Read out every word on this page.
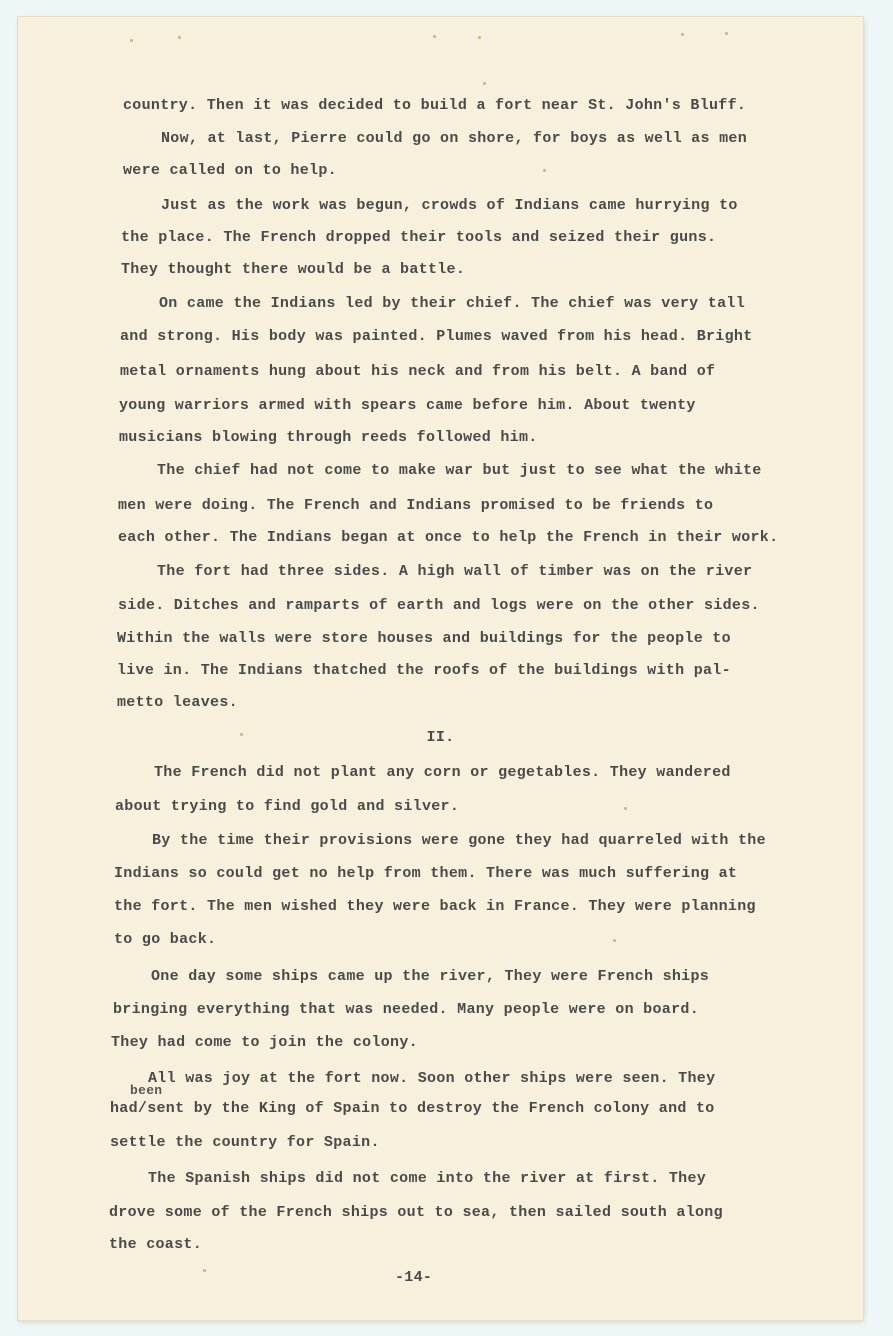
country. Then it was decided to build a fort near St. John's Bluff.
Now, at last, Pierre could go on shore, for boys as well as men
were called on to help.
Just as the work was begun, crowds of Indians came hurrying to
the place. The French dropped their tools and seized their guns.
They thought there would be a battle.
On came the Indians led by their chief. The chief was very tall
and strong. His body was painted. Plumes waved from his head. Bright
metal ornaments hung about his neck and from his belt. A band of
young warriors armed with spears came before him. About twenty
musicians blowing through reeds followed him.
The chief had not come to make war but just to see what the white
men were doing. The French and Indians promised to be friends to
each other. The Indians began at once to help the French in their work.
The fort had three sides. A high wall of timber was on the river
side. Ditches and ramparts of earth and logs were on the other sides.
Within the walls were store houses and buildings for the people to
live in. The Indians thatched the roofs of the buildings with pal-
metto leaves.
II.
The French did not plant any corn or gegetables. They wandered
about trying to find gold and silver.
By the time their provisions were gone they had quarreled with the
Indians so could get no help from them. There was much suffering at
the fort. The men wished they were back in France. They were planning
to go back.
One day some ships came up the river, They were French ships
bringing everything that was needed. Many people were on board.
They had come to join the colony.
All was joy at the fort now. Soon other ships were seen. They
been
had/sent by the King of Spain to destroy the French colony and to
settle the country for Spain.
The Spanish ships did not come into the river at first. They
drove some of the French ships out to sea, then sailed south along
the coast.
-14-
